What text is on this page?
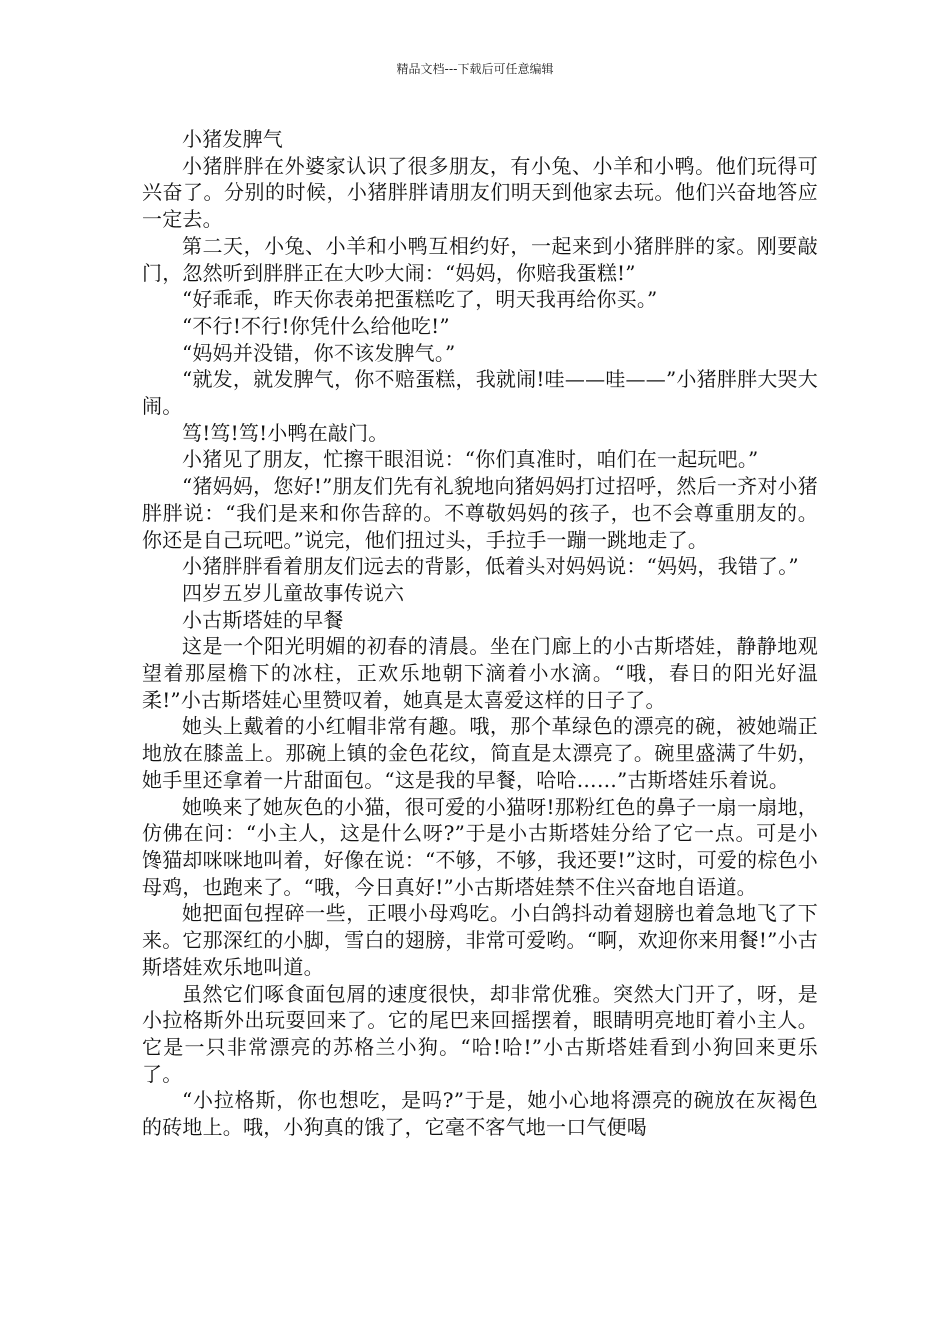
精品文档---下载后可任意编辑

小猪发脾气

小猪胖胖在外婆家认识了很多朋友，有小兔、小羊和小鸭。他们玩得可兴奋了。分别的时候，小猪胖胖请朋友们明天到他家去玩。他们兴奋地答应一定去。

第二天，小兔、小羊和小鸭互相约好，一起来到小猪胖胖的家。刚要敲门，忽然听到胖胖正在大吵大闹：“妈妈，你赔我蛋糕!”

“好乖乖，昨天你表弟把蛋糕吃了，明天我再给你买。”

“不行!不行!你凭什么给他吃!”

“妈妈并没错，你不该发脾气。”

“就发，就发脾气，你不赔蛋糕，我就闹!哇——哇——”小猪胖胖大哭大闹。

笃!笃!笃!小鸭在敲门。

小猪见了朋友，忙擦干眼泪说：“你们真准时，咱们在一起玩吧。”

“猪妈妈，您好!”朋友们先有礼貌地向猪妈妈打过招呼，然后一齐对小猪胖胖说：“我们是来和你告辞的。不尊敬妈妈的孩子，也不会尊重朋友的。你还是自己玩吧。”说完，他们扭过头，手拉手一蹦一跳地走了。

小猪胖胖看着朋友们远去的背影，低着头对妈妈说：“妈妈，我错了。”

四岁五岁儿童故事传说六

小古斯塔娃的早餐

这是一个阳光明媚的初春的清晨。坐在门廊上的小古斯塔娃，静静地观望着那屋檐下的冰柱，正欢乐地朝下滴着小水滴。“哦，春日的阳光好温柔!”小古斯塔娃心里赞叹着，她真是太喜爱这样的日子了。

她头上戴着的小红帽非常有趣。哦，那个革绿色的漂亮的碗，被她端正地放在膝盖上。那碗上镇的金色花纹，简直是太漂亮了。碗里盛满了牛奶，她手里还拿着一片甜面包。“这是我的早餐，哈哈……”古斯塔娃乐着说。

她唤来了她灰色的小猫，很可爱的小猫呀!那粉红色的鼻子一扇一扇地，仿佛在问：“小主人，这是什么呀?”于是小古斯塔娃分给了它一点。可是小馋猫却咪咪地叫着，好像在说：“不够，不够，我还要!”这时，可爱的棕色小母鸡，也跑来了。“哦，今日真好!”小古斯塔娃禁不住兴奋地自语道。

她把面包捏碎一些，正喂小母鸡吃。小白鸽抖动着翅膀也着急地飞了下来。它那深红的小脚，雪白的翅膀，非常可爱哟。“啊，欢迎你来用餐!”小古斯塔娃欢乐地叫道。

虽然它们啄食面包屑的速度很快，却非常优雅。突然大门开了，呀，是小拉格斯外出玩耍回来了。它的尾巴来回摇摆着，眼睛明亮地盯着小主人。它是一只非常漂亮的苏格兰小狗。“哈!哈!”小古斯塔娃看到小狗回来更乐了。

“小拉格斯，你也想吃，是吗?”于是，她小心地将漂亮的碗放在灰褐色的砖地上。哦，小狗真的饿了，它毫不客气地一口气便喝
